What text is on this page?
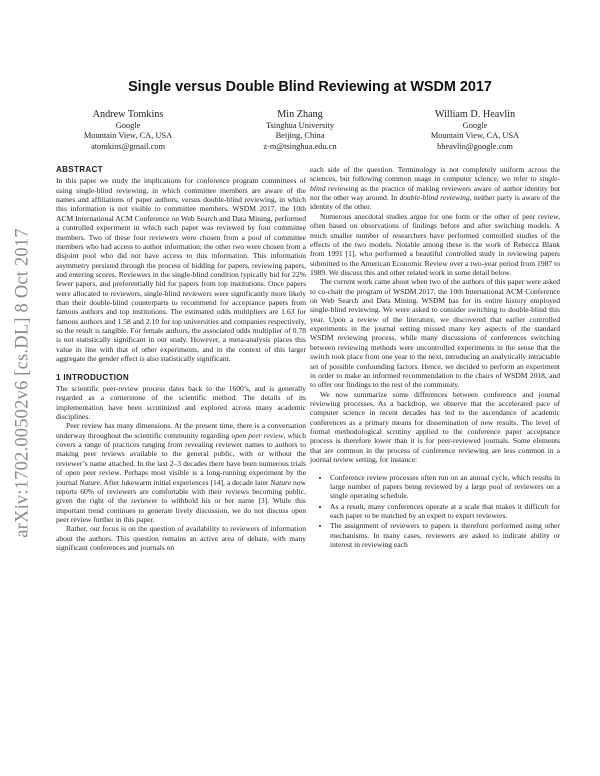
arXiv:1702.00502v6 [cs.DL] 8 Oct 2017
Single versus Double Blind Reviewing at WSDM 2017
Andrew Tomkins
Google
Mountain View, CA, USA
atomkins@gmail.com
Min Zhang
Tsinghua University
Beijing, China
z-m@tsinghua.edu.cn
William D. Heavlin
Google
Mountain View, CA, USA
bheavlin@google.com
ABSTRACT

In this paper we study the implications for conference program committees of using single-blind reviewing, in which committee members are aware of the names and affiliations of paper authors, versus double-blind reviewing, in which this information is not visible to committee members. WSDM 2017, the 10th ACM International ACM Conference on Web Search and Data Mining, performed a controlled experiment in which each paper was reviewed by four committee members. Two of these four reviewers were chosen from a pool of committee members who had access to author information; the other two were chosen from a disjoint pool who did not have access to this information. This information asymmetry persisted through the process of bidding for papers, reviewing papers, and entering scores. Reviewers in the single-blind condition typically bid for 22% fewer papers, and preferentially bid for papers from top institutions. Once papers were allocated to reviewers, single-blind reviewers were significantly more likely than their double-blind counterparts to recommend for acceptance papers from famous authors and top institutions. The estimated odds multipliers are 1.63 for famous authors and 1.58 and 2.10 for top universities and companies respectively, so the result is tangible. For female authors, the associated odds multiplier of 0.78 is not statistically significant in our study. However, a meta-analysis places this value in line with that of other experiments, and in the context of this larger aggregate the gender effect is also statistically significant.

1 INTRODUCTION

The scientific peer-review process dates back to the 1600’s, and is generally regarded as a cornerstone of the scientific method. The details of its implementation have been scrutinized and explored across many academic disciplines.

Peer review has many dimensions. At the present time, there is a conversation underway throughout the scientific community regarding open peer review, which covers a range of practices ranging from revealing reviewer names to authors to making peer reviews available to the general public, with or without the reviewer’s name attached. In the last 2–3 decades there have been numerous trials of open peer review. Perhaps most visible is a long-running experiment by the journal Nature. After lukewarm initial experiences [14], a decade later Nature now reports 60% of reviewers are comfortable with their reviews becoming public, given the right of the reviewer to withhold his or her name [3]. While this important trend continues to generate lively discussion, we do not discuss open peer review further in this paper.

Rather, our focus is on the question of availability to reviewers of information about the authors. This question remains an active area of debate, with many significant conferences and journals on

each side of the question. Terminology is not completely uniform across the sciences, but following common usage in computer science, we refer to single-blind reviewing as the practice of making reviewers aware of author identity but not the other way around. In double-blind reviewing, neither party is aware of the identity of the other.

Numerous anecdotal studies argue for one form or the other of peer review, often based on observations of findings before and after switching models. A much smaller number of researchers have performed controlled studies of the effects of the two models. Notable among these is the work of Rebecca Blank from 1991 [1], who performed a beautiful controlled study in reviewing papers submitted to the American Economic Review over a two-year period from 1987 to 1989. We discuss this and other related work in some detail below.

The current work came about when two of the authors of this paper were asked to co-chair the program of WSDM 2017, the 10th International ACM Conference on Web Search and Data Mining. WSDM has for its entire history employed single-blind reviewing. We were asked to consider switching to double-blind this year. Upon a review of the literature, we discovered that earlier controlled experiments in the journal setting missed many key aspects of the standard WSDM reviewing process, while many discussions of conferences switching between reviewing methods were uncontrolled experiments in the sense that the switch took place from one year to the next, introducing an analytically intractable set of possible confounding factors. Hence, we decided to perform an experiment in order to make an informed recommendation to the chairs of WSDM 2018, and to offer our findings to the rest of the community.

We now summarize some differences between conference and journal reviewing processes. As a backdrop, we observe that the accelerated pace of computer science in recent decades has led to the ascendance of academic conferences as a primary means for dissemination of new results. The level of formal methodological scrutiny applied to the conference paper acceptance process is therefore lower than it is for peer-reviewed journals. Some elements that are common in the process of conference reviewing are less common in a journal review setting, for instance:

• Conference review processes often run on an annual cycle, which results in large number of papers being reviewed by a large pool of reviewers on a single operating schedule.
• As a result, many conferences operate at a scale that makes it difficult for each paper to be matched by an expert to expert reviewers.
• The assignment of reviewers to papers is therefore performed using other mechanisms. In many cases, reviewers are asked to indicate ability or interest in reviewing each
